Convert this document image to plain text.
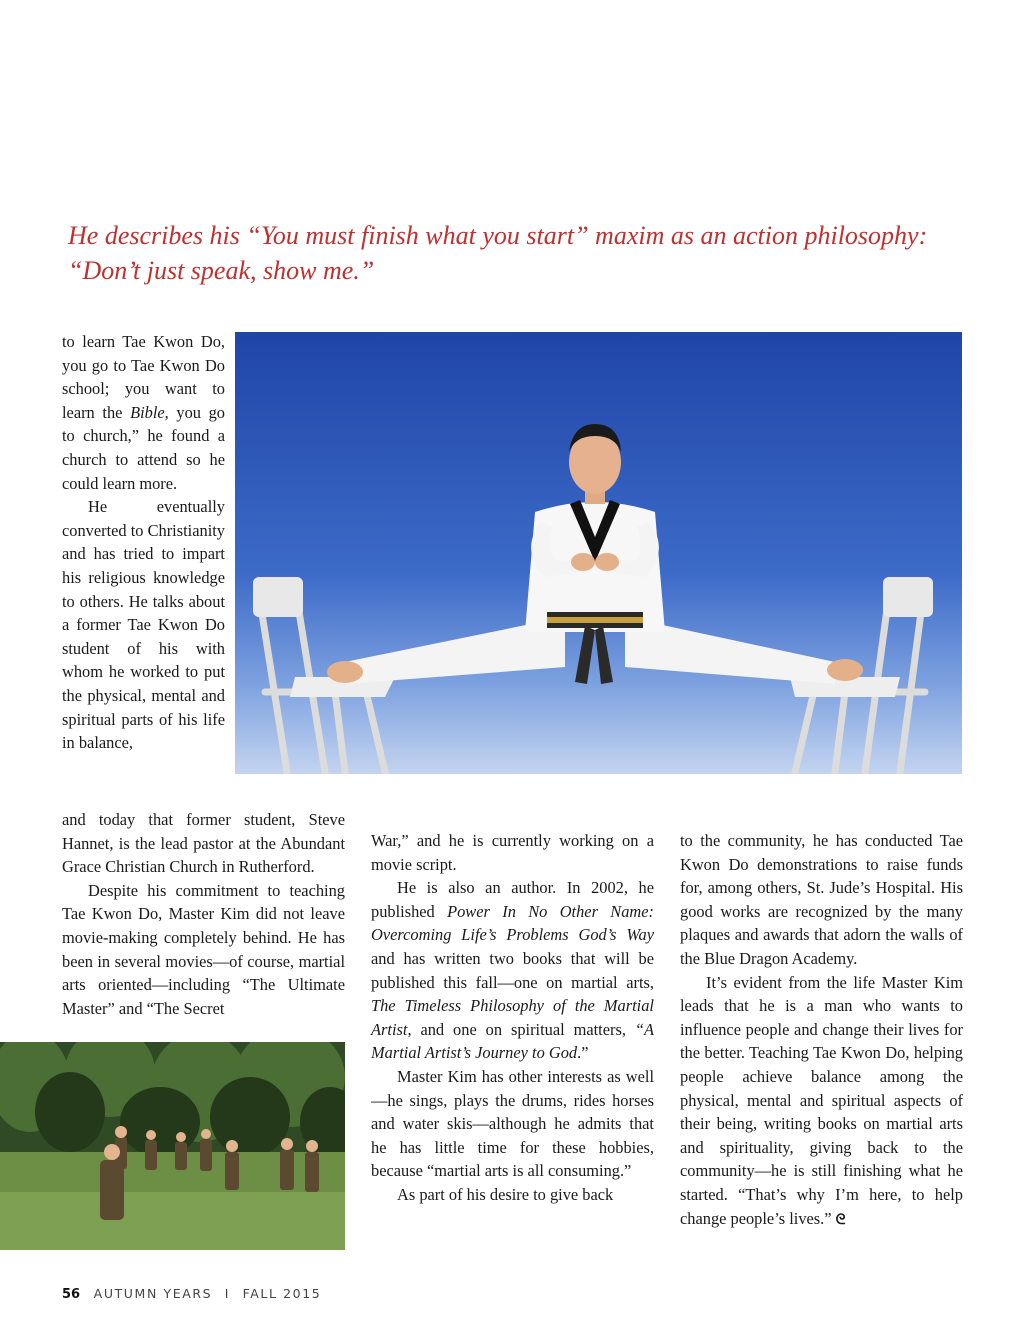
He describes his “You must finish what you start” maxim as an action philosophy:
“Don’t just speak, show me.”

to learn Tae Kwon Do, you go to Tae Kwon Do school; you want to learn the Bible, you go to church,” he found a church to attend so he could learn more.

He eventually converted to Christianity and has tried to impart his religious knowledge to others. He talks about a former Tae Kwon Do student of his with whom he worked to put the physical, mental and spiritual parts of his life in balance,

and today that former student, Steve Hannet, is the lead pastor at the Abundant Grace Christian Church in Rutherford.

Despite his commitment to teaching Tae Kwon Do, Master Kim did not leave movie-making completely behind. He has been in several movies—of course, martial arts oriented—including “The Ultimate Master” and “The Secret

War,” and he is currently working on a movie script.

He is also an author. In 2002, he published Power In No Other Name: Overcoming Life’s Problems God’s Way and has written two books that will be published this fall—one on martial arts, The Timeless Philosophy of the Martial Artist, and one on spiritual matters, “A Martial Artist’s Journey to God.”

Master Kim has other interests as well—he sings, plays the drums, rides horses and water skis—although he admits that he has little time for these hobbies, because “martial arts is all consuming.”

As part of his desire to give back

to the community, he has conducted Tae Kwon Do demonstrations to raise funds for, among others, St. Jude’s Hospital. His good works are recognized by the many plaques and awards that adorn the walls of the Blue Dragon Academy.

It’s evident from the life Master Kim leads that he is a man who wants to influence people and change their lives for the better. Teaching Tae Kwon Do, helping people achieve balance among the physical, mental and spiritual aspects of their being, writing books on martial arts and spirituality, giving back to the community—he is still finishing what he started. “That’s why I’m here, to help change people’s lives.” ᘓ

56 AUTUMN YEARS I FALL 2015
